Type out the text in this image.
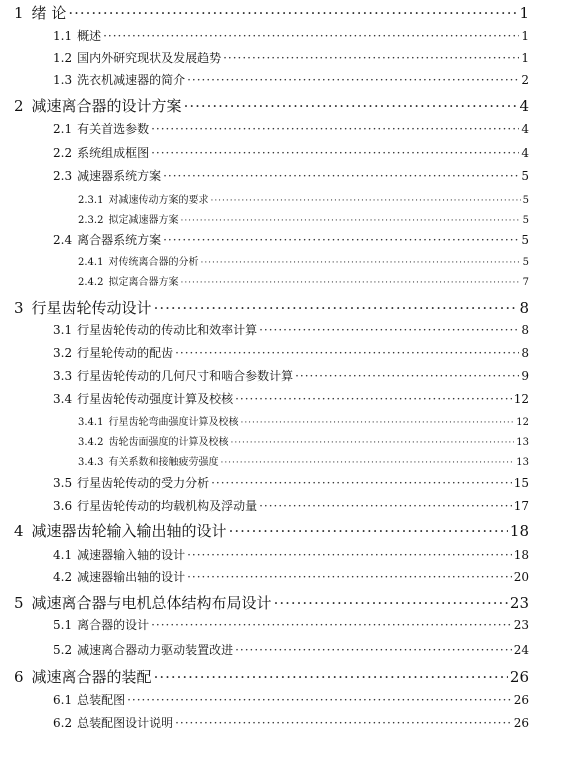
1 绪 论 ·····	1
1.1 概述 ·····	1
1.2 国内外研究现状及发展趋势 ·····	1
1.3 洗衣机减速器的简介 ·····	2
2 减速离合器的设计方案 ·····	4
2.1 有关首选参数 ·····	4
2.2 系统组成框图 ·····	4
2.3 减速器系统方案 ·····	5
2.3.1 对减速传动方案的要求 ·····	5
2.3.2 拟定减速器方案 ·····	5
2.4 离合器系统方案 ·····	5
2.4.1 对传统离合器的分析 ·····	5
2.4.2 拟定离合器方案 ·····	7
3 行星齿轮传动设计 ·····	8
3.1 行星齿轮传动的传动比和效率计算 ·····	8
3.2 行星轮传动的配齿 ·····	8
3.3 行星齿轮传动的几何尺寸和啮合参数计算 ·····	9
3.4 行星齿轮传动强度计算及校核 ·····	12
3.4.1 行星齿轮弯曲强度计算及校核 ·····	12
3.4.2 齿轮齿面强度的计算及校核 ·····	13
3.4.3 有关系数和接触疲劳强度 ·····	13
3.5 行星齿轮传动的受力分析 ·····	15
3.6 行星齿轮传动的均载机构及浮动量 ·····	17
4 减速器齿轮输入输出轴的设计 ·····	18
4.1 减速器输入轴的设计 ·····	18
4.2 减速器输出轴的设计 ·····	20
5 减速离合器与电机总体结构布局设计 ·····	23
5.1 离合器的设计 ·····	23
5.2 减速离合器动力驱动装置改进 ·····	24
6 减速离合器的装配 ·····	26
6.1 总装配图 ·····	26
6.2 总装配图设计说明 ·····	26
